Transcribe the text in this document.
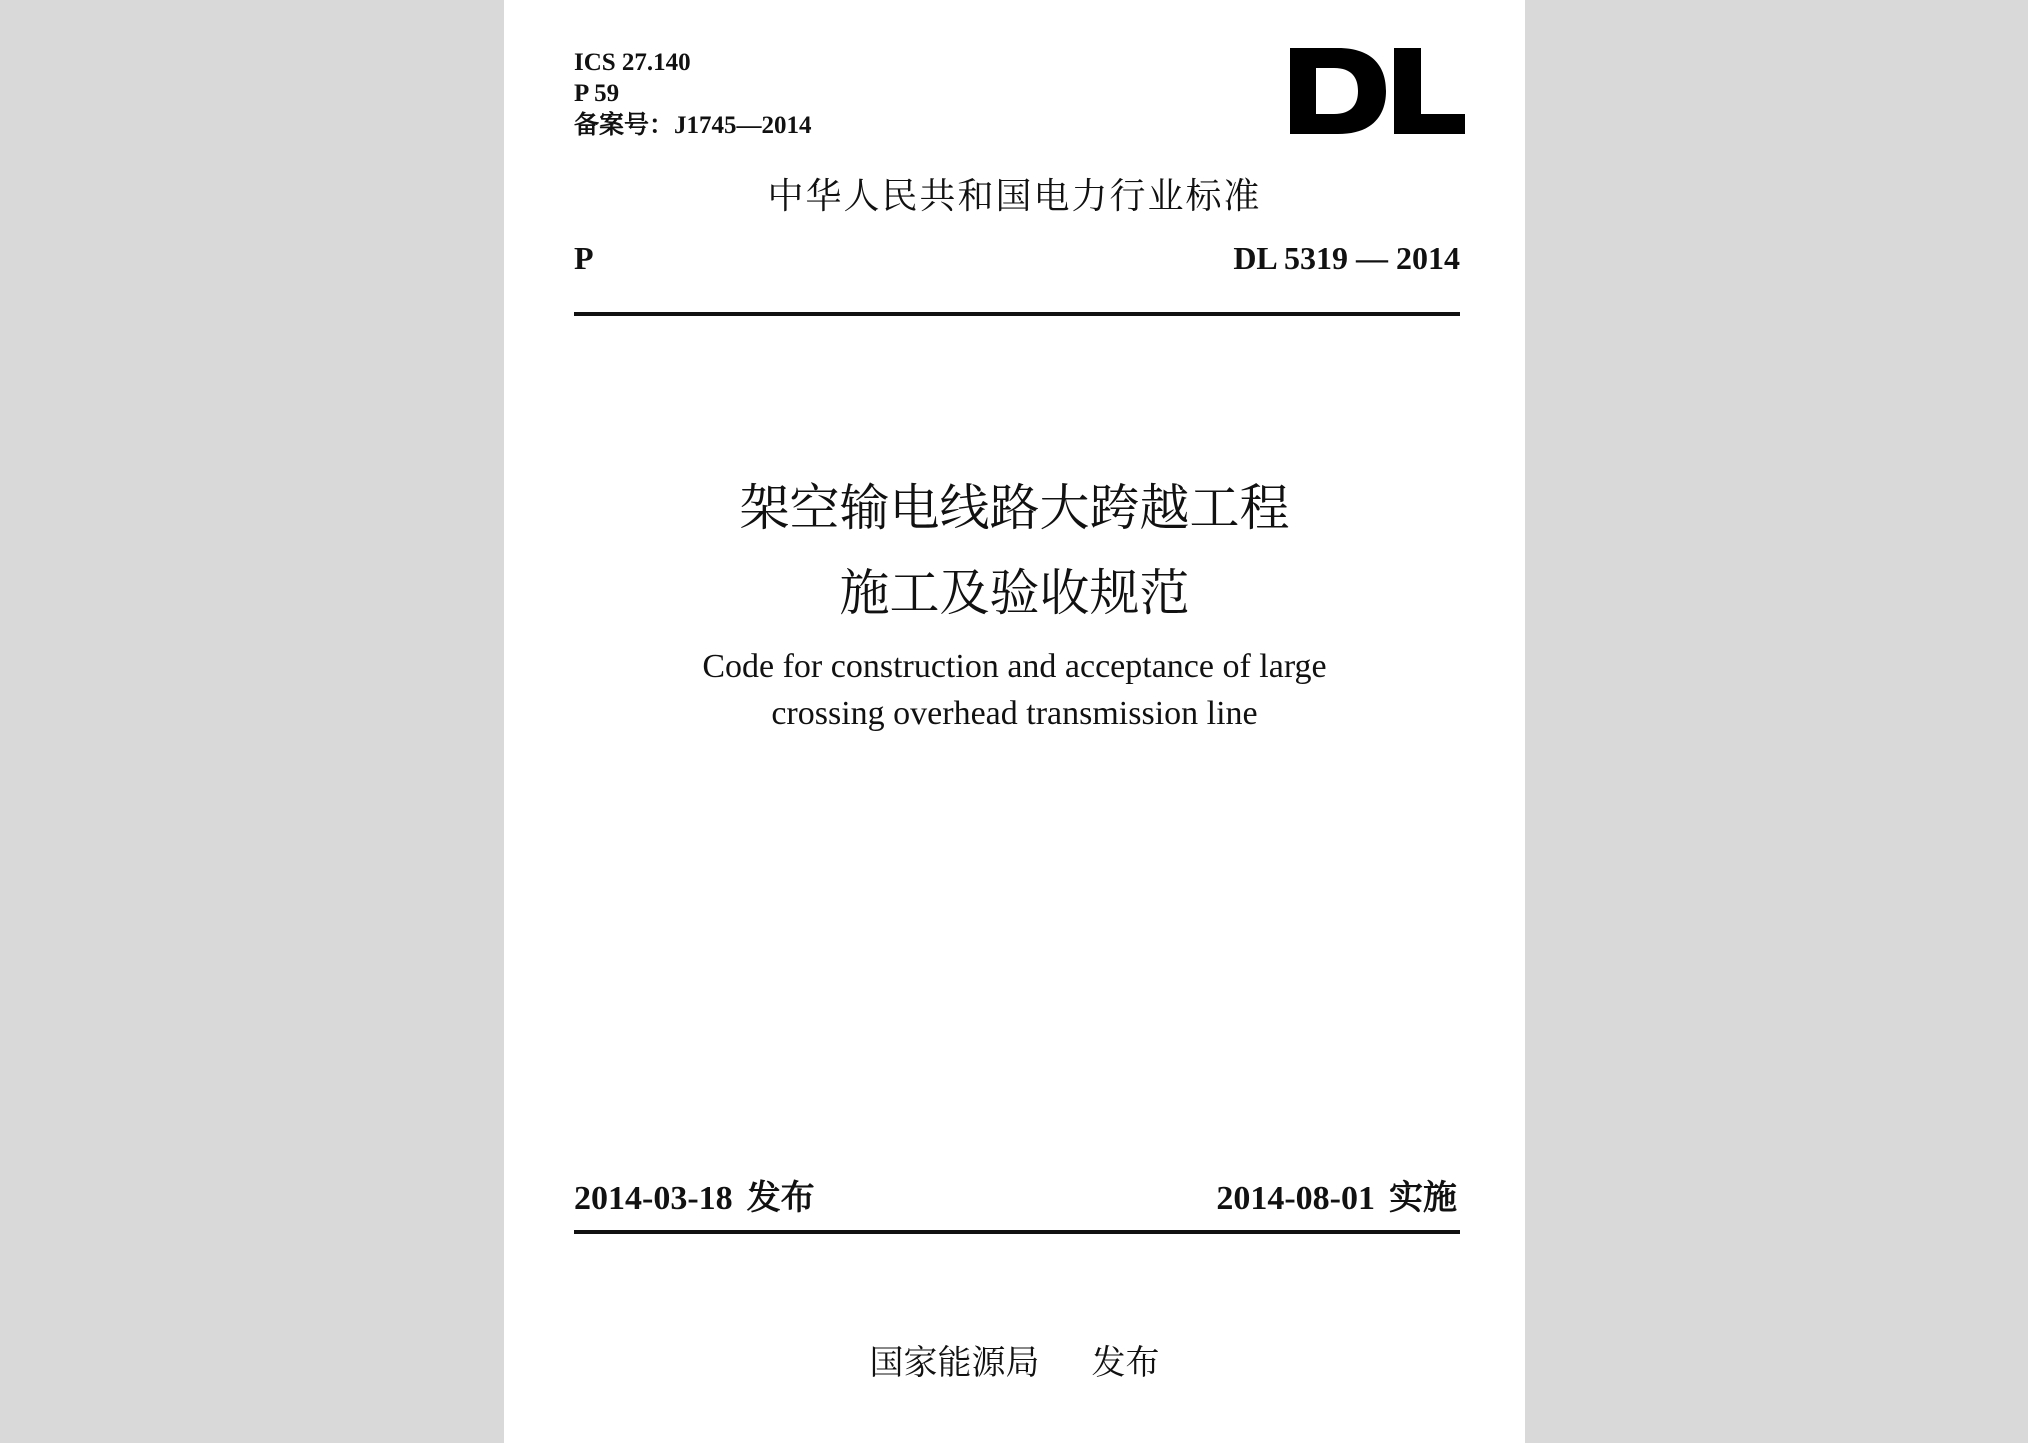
ICS 27.140
P 59
备案号：J1745—2014
中华人民共和国电力行业标准
P	DL 5319 — 2014
架空输电线路大跨越工程
施工及验收规范
Code for construction and acceptance of large
crossing overhead transmission line
2014-03-18 发布	2014-08-01 实施
国家能源局 发布
